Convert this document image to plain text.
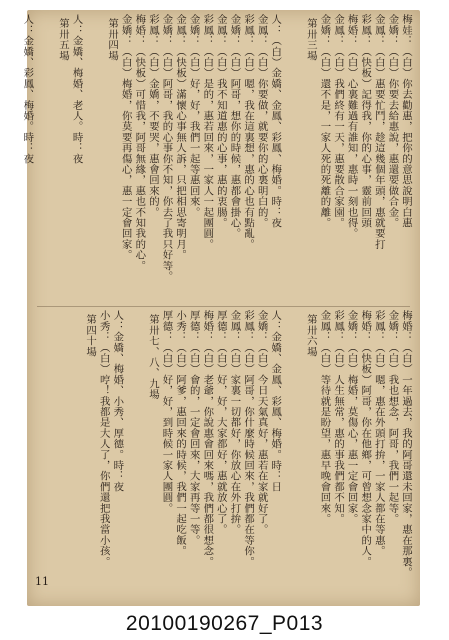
梅娃：（白）你去勸惠，把你的意思說明白惠
金嬌：（白）你要去給惠說，惠還要做合金。
金鳳：（白）惠要忙鬥，趁這幾個年頭，惠就要打
彩鳳：（快板）記得我，你的心事，靈前回頭
梅婚：（白）心裏難過有誰知，惠時一刻也得。
金鳳：（白）我們終有一天，惠要散合家園。
金嬌：（白）還不是，一家人死的死離的離。
第卅三場
人：（白）金嬌、金鳳、彩鳳、梅婚。時：夜
金鳳：（白）你要做，就要你的心裏明白的。
彩鳳：（白）嗯，我在這裏想，惠的心也有點亂。
金嬌：（白）阿哥，想你的時候，惠都會掛心。
金鳳：（白）我不知道惠的心事，惠的衷腸。
彩鳳：（白）是的，惠若回來，一家人一起團圓。
金嬌：（白）好，好，我們一起等惠回來。
金鳳：（快板）滿懷心事無人訴，只把相思寄明月。
金嬌：（白）阿哥，我的心事你不知，你去了我只好等。
彩鳳：（白）金嬌，不要哭，惠會回來的。
梅婚：（快板）可惜我，阿哥無緣，惠也不知我的心。
金嬌：（白）梅婚，你莫要再傷心，惠一定會回家。
第卅四場
人：金嬌、梅婚、老人。時：夜
第卅五場
人：金嬌、彩鳳、梅婚。時：夜
梅婚：（白）一年過去，我的阿哥還未回家，惠在那裏。
金嬌：（白）我也想念，阿哥，我們一起等。
彩鳳：（白）嗯，惠在外頭打拚，一家人都在等惠。
梅婚：（快板）阿哥，你在他鄉，可曾想念家中的人。
金嬌：（白）梅婚，莫傷心，惠一定會回家。
彩鳳：（白）人生無常，惠的事我們都不知。
金鳳：（白）等待就是盼望，惠早晚會回來。
第卅六場
人：金嬌、金鳳、彩鳳、梅婚。時：日
金嬌：（白）今日天氣真好，惠若在家就好了。
彩鳳：（白）阿哥，你什麼時候回來，我們都在等你。
金鳳：（白）家裏一切都好，你放心在外打拚。
厚德：（白）好，好，大家都好，惠就放心了。
梅婚：（白）老爺，你說惠會回來嗎，我們都很想念。
厚德：（白）會的，一定會回來，大家再等一等。
小秀：（白）阿爹，惠回來的時候，我們一起吃飯。
厚德：（白）好，好，到時候一家人團圓。
第卅七、八、九場
人：金嬌、梅婚、小秀、厚德。時：夜
小秀：（白）哼！我都是大人了，你們還把我當小孩。
第四十場
11
20100190267_P013
